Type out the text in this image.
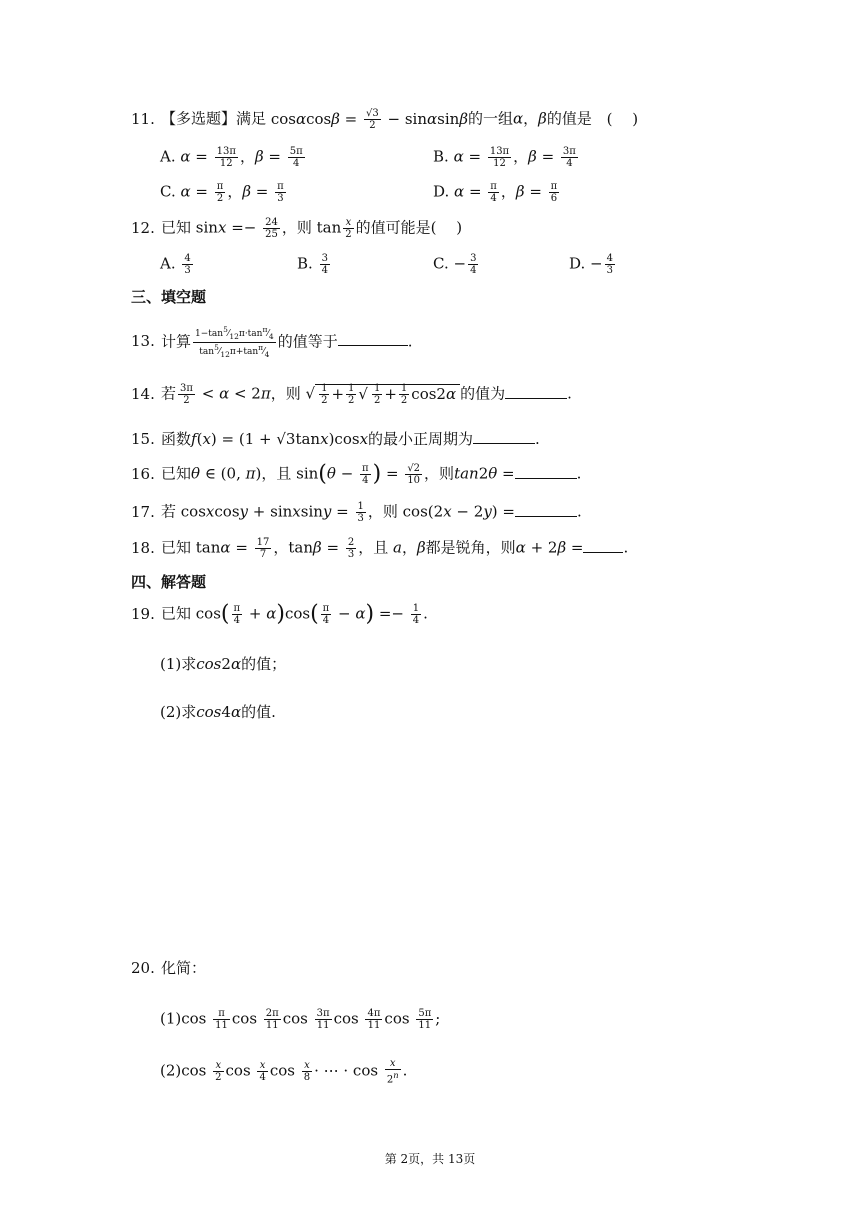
11. 【多选题】满足 $\cos\alpha\cos\beta = \frac{√3}{2} - \sin\alpha\sin\beta$的一组α，β的值是 (　 )
A. $\alpha = \frac{13\pi}{12}$ ，$\beta = \frac{5\pi}{4}$	B. $\alpha = \frac{13\pi}{12}$ ，$\beta = \frac{3\pi}{4}$
C. $\alpha = \frac{\pi}{2}$ ，$\beta = \frac{\pi}{3}$	D. $\alpha = \frac{\pi}{4}$ ，$\beta = \frac{\pi}{6}$
12. 已知 $\sin x =- \frac{24}{25}$ ，则 $\tan \frac{x}{2}$ 的值可能是(　 )
A. $\frac{4}{3}$	B. $\frac{3}{4}$	C. − $\frac{3}{4}$	D. − $\frac{4}{3}$
三、填空题
13. 计算 $\frac{1-\tan^5⁄_{12}\pi\cdot\tan^\pi⁄_4}{\tan^5⁄_{12}\pi+\tan^\pi⁄_4}$ 的值等于	.
14. 若 $\frac{3\pi}{2} < \alpha < 2\pi$，则 √ $\frac{1}{2} + \frac{1}{2}$ √ $\frac{1}{2} + \frac{1}{2} \cos 2\alpha$ 的值为	.
15. 函数f(x) = (1 + √3tanx)cosx的最小正周期为	.
16. 已知θ ∈ (0, π)，且 $\sin(\theta - \frac{\pi}{4}$ ) = $\frac{√2}{10}$ ，则tan2θ =	.
17. 若 cosxcosy + sinxsiny = $\frac{1}{3}$ ，则 cos(2x − 2y) =	.
18. 已知 $\tan\alpha = \frac{17}{7}$ ，$\tan\beta = \frac{2}{3}$ ，且 a，β都是锐角，则α + 2β =	.
四、解答题
19. 已知 $\cos( \frac{\pi}{4} + \alpha)\cos( \frac{\pi}{4} - \alpha) =- \frac{1}{4}$ .
(1)求cos2α的值；
(2)求cos4α的值.
20. 化简：
$(1)\cos \frac{\pi}{11}$ $\cos \frac{2\pi}{11}$ $\cos \frac{3\pi}{11}$ $\cos \frac{4\pi}{11}$ $\cos \frac{5\pi}{11}$ ;
$(2)\cos \frac{x}{2}$ $\cos \frac{x}{4}$ $\cos \frac{x}{8}$ · ⋯ · $\cos \frac{x}{2^n}$ .
第 2页，共 13页
